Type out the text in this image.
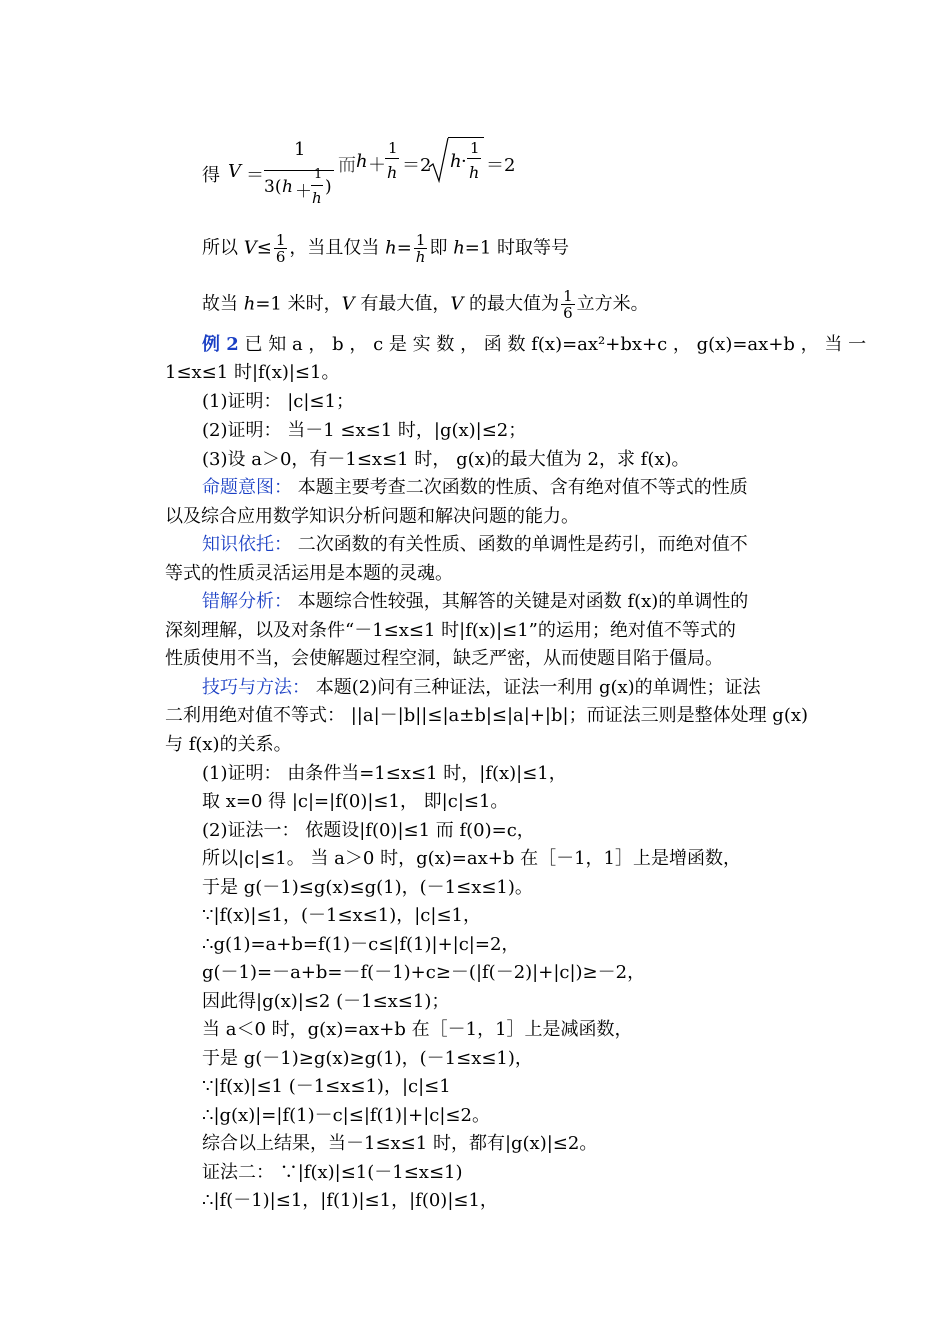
得 V ＝
1
3( h ＋
1
h
)
而 h ＋
1
h ＝2 h ·
1
h ＝2
所以 $V\le \frac{1}{6}$ ，当且仅当 $h= \frac{1}{h}$ 即 h=1 时取等号
故当 h=1 米时，V 有最大值，V 的最大值为 $\frac{1}{6}$ 立方米。
例 2 已 知 a ， b ， c 是 实 数 ， 函 数 f(x)=ax²+bx+c ， g(x)=ax+b ， 当 一
1≤x≤1 时|f(x)|≤1。
(1)证明： |c|≤1；
(2)证明： 当－1 ≤x≤1 时，|g(x)|≤2；
(3)设 a＞0，有－1≤x≤1 时， g(x)的最大值为 2，求 f(x)。
命题意图： 本题主要考查二次函数的性质、含有绝对值不等式的性质
以及综合应用数学知识分析问题和解决问题的能力。
知识依托： 二次函数的有关性质、函数的单调性是药引，而绝对值不
等式的性质灵活运用是本题的灵魂。
错解分析： 本题综合性较强，其解答的关键是对函数 f(x)的单调性的
深刻理解，以及对条件“－1≤x≤1 时|f(x)|≤1”的运用；绝对值不等式的
性质使用不当，会使解题过程空洞，缺乏严密，从而使题目陷于僵局。
技巧与方法： 本题(2)问有三种证法，证法一利用 g(x)的单调性；证法
二利用绝对值不等式： ||a|－|b||≤|a±b|≤|a|+|b|；而证法三则是整体处理 g(x)
与 f(x)的关系。
(1)证明： 由条件当=1≤x≤1 时，|f(x)|≤1，
取 x=0 得 |c|=|f(0)|≤1， 即|c|≤1。
(2)证法一： 依题设|f(0)|≤1 而 f(0)=c，
所以|c|≤1。 当 a＞0 时，g(x)=ax+b 在［－1，1］上是增函数，
于是 g(－1)≤g(x)≤g(1)，(－1≤x≤1)。
∵|f(x)|≤1，(－1≤x≤1)，|c|≤1，
∴g(1)=a+b=f(1)－c≤|f(1)|+|c|=2，
g(－1)=－a+b=－f(－1)+c≥－(|f(－2)|+|c|)≥－2，
因此得|g(x)|≤2 (－1≤x≤1)；
当 a＜0 时，g(x)=ax+b 在［－1，1］上是减函数，
于是 g(－1)≥g(x)≥g(1)，(－1≤x≤1)，
∵|f(x)|≤1 (－1≤x≤1)，|c|≤1
∴|g(x)|=|f(1)－c|≤|f(1)|+|c|≤2。
综合以上结果，当－1≤x≤1 时，都有|g(x)|≤2。
证法二： ∵|f(x)|≤1(－1≤x≤1)
∴|f(－1)|≤1，|f(1)|≤1，|f(0)|≤1，
